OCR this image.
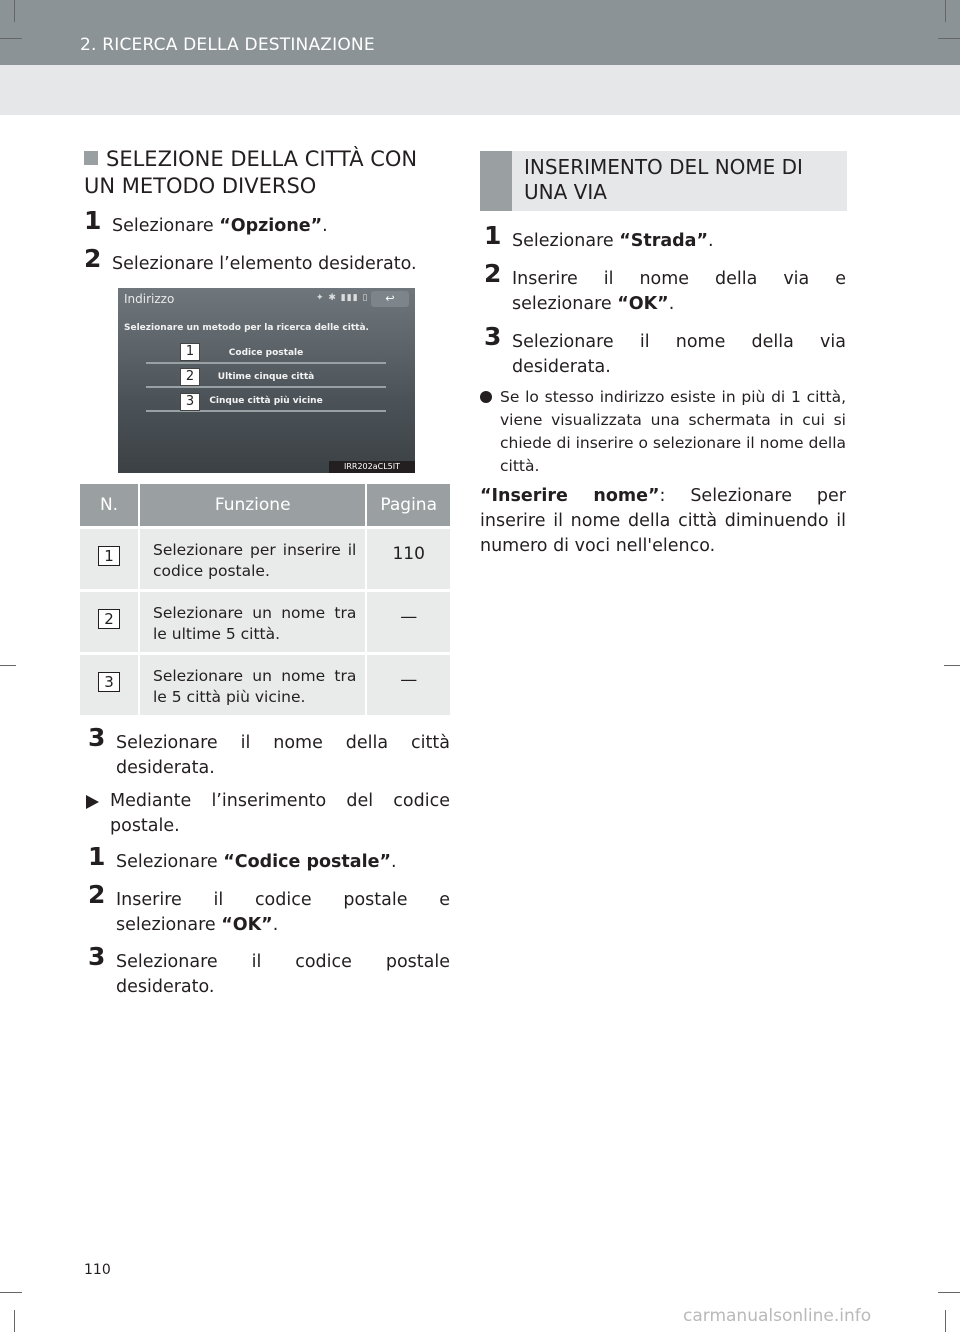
2. RICERCA DELLA DESTINAZIONE
SELEZIONE DELLA CITTÀ CON UN METODO DIVERSO
1 Selezionare “Opzione”.
2 Selezionare l’elemento desiderato.
Indirizzo	✦ ✱ ▮▮▮ ▯	↩
Selezionare un metodo per la ricerca delle città.
Codice postale
Ultime cinque città
Cinque città più vicine
1
2
3
IRR202aCL5IT
N.	Funzione	Pagina
1	Selezionare per inserire il codice postale.	110

2	Selezionare un nome tra le ultime 5 città.	—

3	Selezionare un nome tra le 5 città più vicine.	—
3 Selezionare il nome della città desiderata.
Mediante l’inserimento del codice postale.
1 Selezionare “Codice postale”.
2 Inserire il codice postale e selezionare “OK”.
3 Selezionare il codice postale desiderato.
INSERIMENTO DEL NOME DI UNA VIA
1 Selezionare “Strada”.
2 Inserire il nome della via e selezionare “OK”.
3 Selezionare il nome della via desiderata.
Se lo stesso indirizzo esiste in più di 1 città, viene visualizzata una schermata in cui si chiede di inserire o selezionare il nome della città.
“Inserire nome”: Selezionare per inserire il nome della città diminuendo il numero di voci nell'elenco.
110
carmanualsonline.info
